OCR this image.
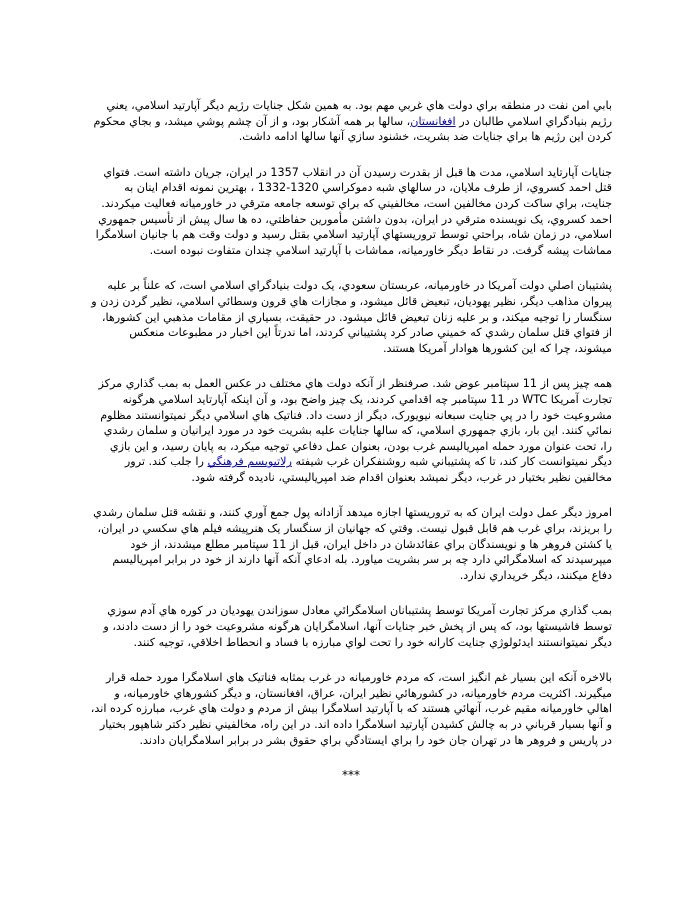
بابي امن نفت در منطقه براي دولت هاي غربي مهم بود. به همين شکل جنايات رژيم ديگر آپارتيد اسلامي، يعني رژيم بنيادگراي اسلامي طالبان در افغانستان، سالها بر همه آشکار بود، و از آن چشم پوشي ميشد، و بجاي محکوم کردن اين رژيم ها براي جنايات ضد بشريت، خشنود سازي آنها سالها ادامه داشت.

جنايات آپارتايد اسلامي، مدت ها قبل از بقدرت رسيدن آن در انقلاب 1357 در ايران، جريان داشته است. فتواي قتل احمد کسروي، از طرف ملايان، در سالهاي شبه دموکراسي 1320-1332 ، بهترين نمونه اقدام اينان به جنايت، براي ساکت کردن مخالفين است، مخالفيني که براي توسعه جامعه مترقي در خاورميانه فعاليت ميکردند. احمد کسروي، يک نويسنده مترقي در ايران، بدون داشتن مأمورين حفاظتي، ده ها سال پيش از تأسيس جمهوري اسلامي، در زمان شاه، براحتي توسط تروريستهاي آپارتيد اسلامي بقتل رسيد و دولت وقت هم با جانيان اسلامگرا مماشات پيشه گرفت. در نقاط ديگر خاورميانه، مماشات با آپارتيد اسلامي چندان متفاوت نبوده است.

پشتيبان اصلي دولت آمريکا در خاورميانه، عربستان سعودي، يک دولت بنيادگراي اسلامي است، که علناً بر عليه پيروان مذاهب ديگر، نظير يهوديان، تبعيض قائل ميشود، و مجازات هاي قرون وسطائي اسلامي، نظير گردن زدن و سنگسار را توجيه ميکند، و بر عليه زنان تبعيض قائل ميشود. در حقيقت، بسياري از مقامات مذهبي اين کشورها، از فتواي قتل سلمان رشدي که خميني صادر کرد پشتيباني کردند، اما ندرتاً اين اخبار در مطبوعات منعکس ميشوند، چرا که اين کشورها هوادار آمريکا هستند.

همه چيز پس از 11 سپتامبر عوض شد. صرفنظر از آنکه دولت هاي مختلف در عکس العمل به بمب گذاري مرکز تجارت آمريکا WTC در 11 سپتامبر چه اقدامي کردند، يک چيز واضح بود، و آن اينکه آپارتايد اسلامي هرگونه مشروعيت خود را در پي جنايت سبعانه نيويورک، ديگر از دست داد. فناتيک هاي اسلامي ديگر نميتوانستند مظلوم نمائي کنند. اين بار، بازي جمهوري اسلامي، که سالها جنايات عليه بشريت خود در مورد ايرانيان و سلمان رشدي را، تحت عنوان مورد حمله امپرياليسم غرب بودن، بعنوان عمل دفاعي توجيه ميکرد، به پايان رسيد، و اين بازي ديگر نميتوانست کار کند، تا که پشتيباني شبه روشنفکران غرب شيفته رلاتيويسم فرهنگي را جلب کند. ترور مخالفين نظير بختيار در غرب، ديگر نميشد بعنوان اقدام ضد امپرياليستي، ناديده گرفته شود.

امروز ديگر عمل دولت ايران که به تروريستها اجازه ميدهد آزادانه پول جمع آوري کنند، و نقشه قتل سلمان رشدي را بريزند، براي غرب هم قابل قبول نيست. وقتي که جهانيان از سنگسار يک هنرپيشه فيلم هاي سکسي در ايران، يا کشتن فروهر ها و نويسندگان براي عقائدشان در داخل ايران، قبل از 11 سپتامبر مطلع ميشدند، از خود ميپرسيدند که اسلامگرائي دارد چه بر سر بشريت مياورد. بله ادعاي آنکه آنها دارند از خود در برابر امپرياليسم دفاع ميکنند، ديگر خريداري ندارد.

بمب گذاري مرکز تجارت آمريکا توسط پشتيبانان اسلامگرائي معادل سوزاندن يهوديان در کوره هاي آدم سوزي توسط فاشيستها بود، که پس از پخش خبر جنايات آنها، اسلامگرايان هرگونه مشروعيت خود را از دست دادند، و ديگر نميتوانستند ايدئولوژي جنايت کارانه خود را تحت لواي مبارزه با فساد و انحطاط اخلاقي، توجيه کنند.

بالاخره آنکه اين بسيار غم انگيز است، که مردم خاورميانه در غرب بمثابه فناتيک هاي اسلامگرا مورد حمله قرار ميگيرند. اکثريت مردم خاورميانه، در کشورهائي نظير ايران، عراق، افغانستان، و ديگر کشورهاي خاورميانه، و اهالي خاورميانه مقيم غرب، آنهائي هستند که با آپارتيد اسلامگرا بيش از مردم و دولت هاي غرب، مبارزه کرده اند، و آنها بسيار قرباني در به چالش کشيدن آپارتيد اسلامگرا داده اند. در اين راه، مخالفيني نظير دکتر شاهپور بختيار در پاريس و فروهر ها در تهران جان خود را براي ايستادگي براي حقوق بشر در برابر اسلامگرايان دادند.

***
